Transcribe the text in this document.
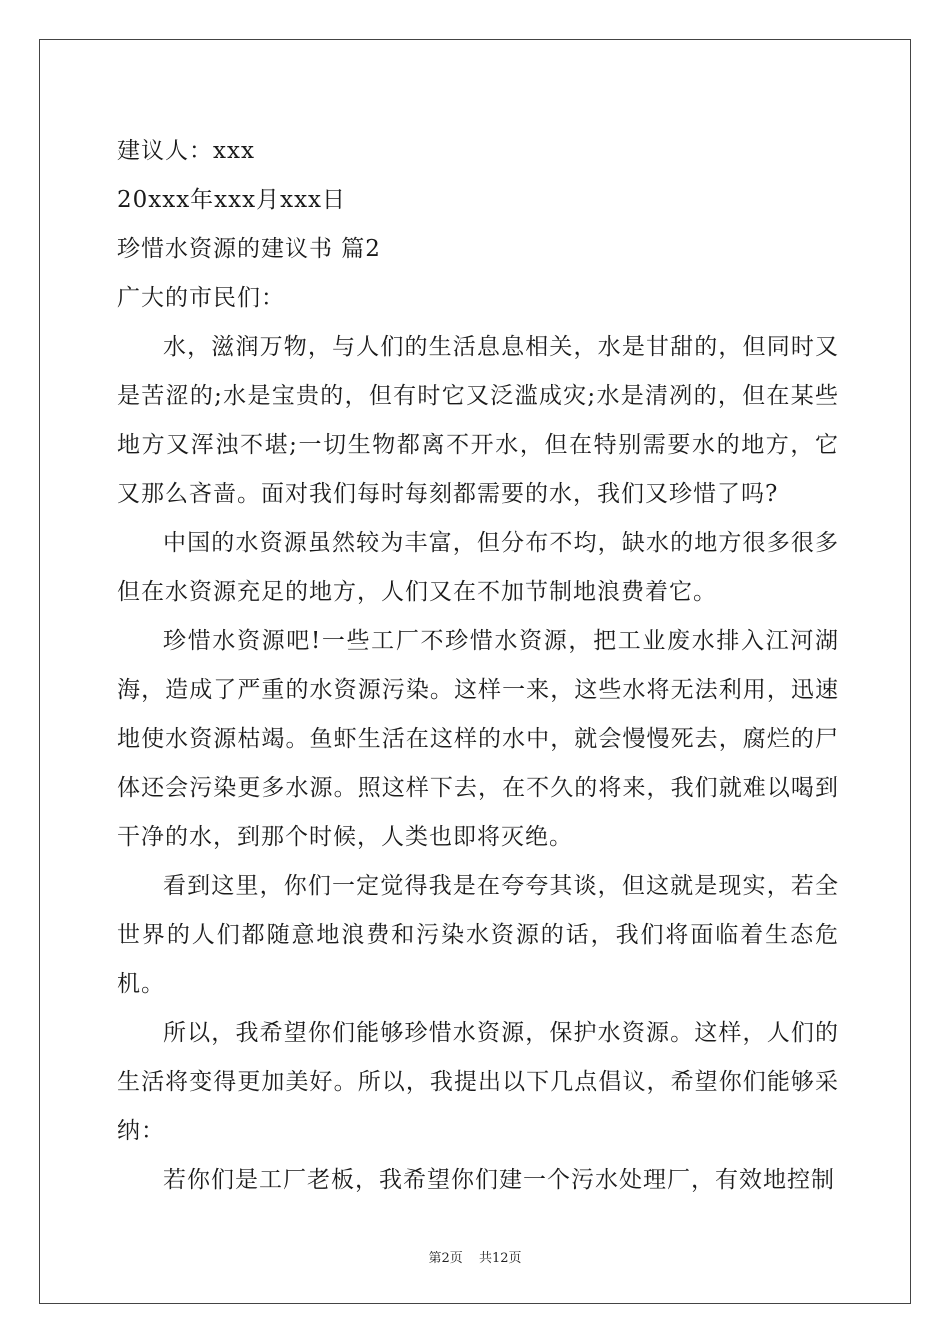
建议人：xxx
20xxx年xxx月xxx日
珍惜水资源的建议书 篇2
广大的市民们：

水，滋润万物，与人们的生活息息相关，水是甘甜的，但同时又是苦涩的;水是宝贵的，但有时它又泛滥成灾;水是清冽的，但在某些地方又浑浊不堪;一切生物都离不开水，但在特别需要水的地方，它又那么吝啬。面对我们每时每刻都需要的水，我们又珍惜了吗?

中国的水资源虽然较为丰富，但分布不均，缺水的地方很多很多但在水资源充足的地方，人们又在不加节制地浪费着它。

珍惜水资源吧!一些工厂不珍惜水资源，把工业废水排入江河湖海，造成了严重的水资源污染。这样一来，这些水将无法利用，迅速地使水资源枯竭。鱼虾生活在这样的水中，就会慢慢死去，腐烂的尸体还会污染更多水源。照这样下去，在不久的将来，我们就难以喝到干净的水，到那个时候，人类也即将灭绝。

看到这里，你们一定觉得我是在夸夸其谈，但这就是现实，若全世界的人们都随意地浪费和污染水资源的话，我们将面临着生态危机。

所以，我希望你们能够珍惜水资源，保护水资源。这样，人们的生活将变得更加美好。所以，我提出以下几点倡议，希望你们能够采纳：

若你们是工厂老板，我希望你们建一个污水处理厂，有效地控制

第2页 共12页
